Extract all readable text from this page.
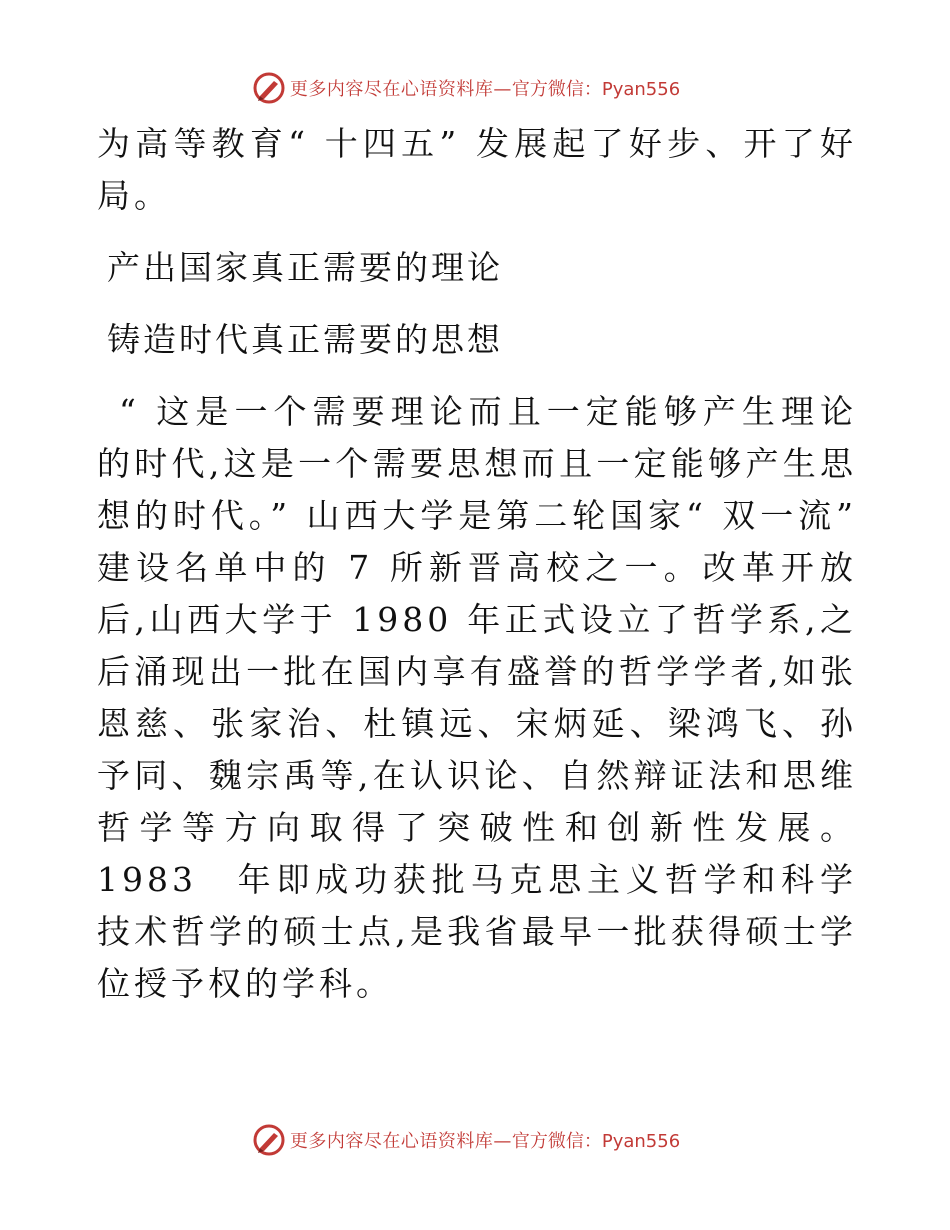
更多内容尽在心语资料库— 官方微信：Pyan556

为高等教育“ 十四五” 发展起了好步、开了好局。

产出国家真正需要的理论

铸造时代真正需要的思想

“ 这是一个需要理论而且一定能够产生理论的时代,这是一个需要思想而且一定能够产生思想的时代。” 山西大学是第二轮国家“ 双一流” 建设名单中的 7 所新晋高校之一。改革开放后,山西大学于 1980 年正式设立了哲学系,之后涌现出一批在国内享有盛誉的哲学学者,如张恩慈、张家治、杜镇远、宋炳延、梁鸿飞、孙予同、魏宗禹等,在认识论、自然辩证法和思维哲学等方向取得了突破性和创新性发展。1983　年即成功获批马克思主义哲学和科学技术哲学的硕士点,是我省最早一批获得硕士学位授予权的学科。

更多内容尽在心语资料库— 官方微信：Pyan556
